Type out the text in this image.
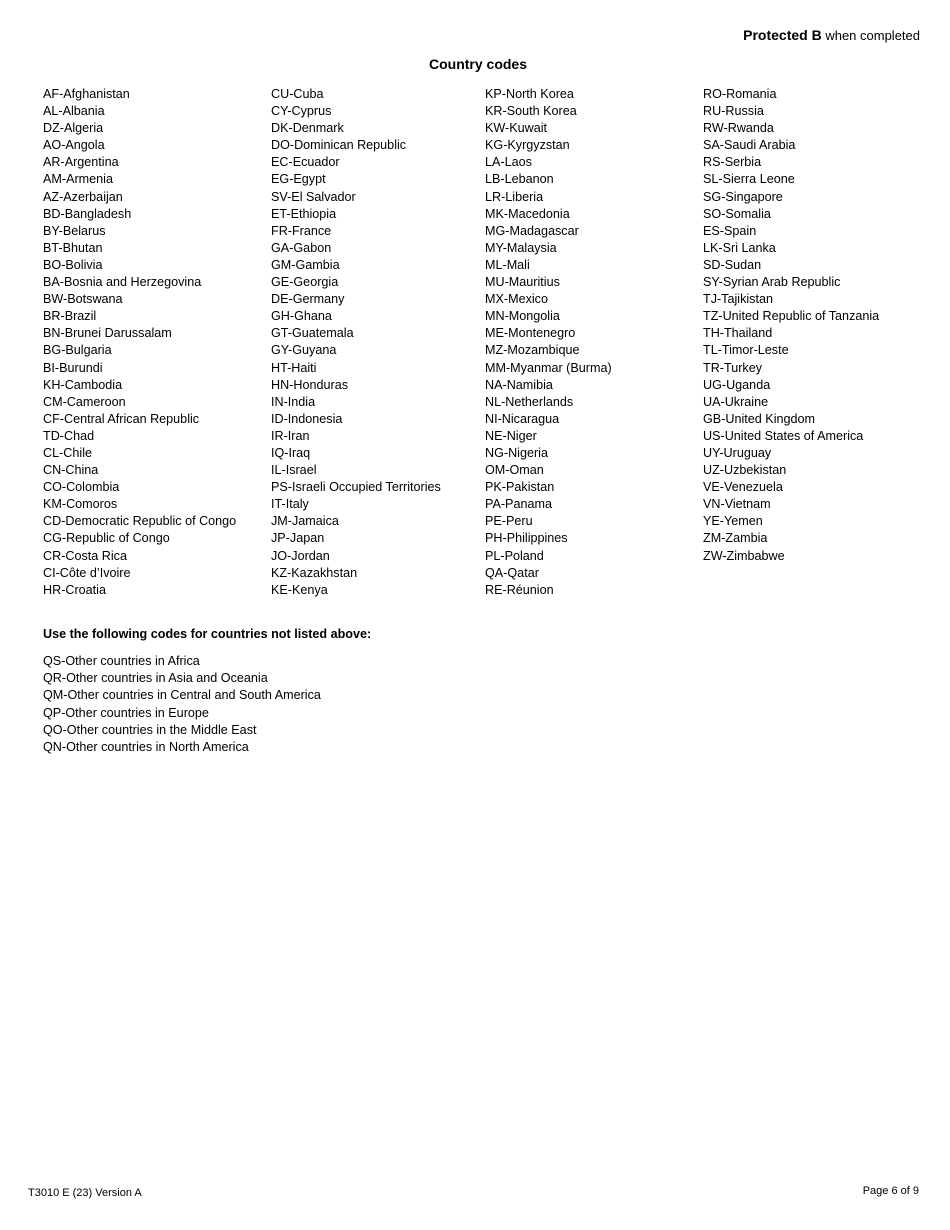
Protected B when completed
Country codes
AF-Afghanistan
AL-Albania
DZ-Algeria
AO-Angola
AR-Argentina
AM-Armenia
AZ-Azerbaijan
BD-Bangladesh
BY-Belarus
BT-Bhutan
BO-Bolivia
BA-Bosnia and Herzegovina
BW-Botswana
BR-Brazil
BN-Brunei Darussalam
BG-Bulgaria
BI-Burundi
KH-Cambodia
CM-Cameroon
CF-Central African Republic
TD-Chad
CL-Chile
CN-China
CO-Colombia
KM-Comoros
CD-Democratic Republic of Congo
CG-Republic of Congo
CR-Costa Rica
CI-Côte d’Ivoire
HR-Croatia
CU-Cuba
CY-Cyprus
DK-Denmark
DO-Dominican Republic
EC-Ecuador
EG-Egypt
SV-El Salvador
ET-Ethiopia
FR-France
GA-Gabon
GM-Gambia
GE-Georgia
DE-Germany
GH-Ghana
GT-Guatemala
GY-Guyana
HT-Haiti
HN-Honduras
IN-India
ID-Indonesia
IR-Iran
IQ-Iraq
IL-Israel
PS-Israeli Occupied Territories
IT-Italy
JM-Jamaica
JP-Japan
JO-Jordan
KZ-Kazakhstan
KE-Kenya
KP-North Korea
KR-South Korea
KW-Kuwait
KG-Kyrgyzstan
LA-Laos
LB-Lebanon
LR-Liberia
MK-Macedonia
MG-Madagascar
MY-Malaysia
ML-Mali
MU-Mauritius
MX-Mexico
MN-Mongolia
ME-Montenegro
MZ-Mozambique
MM-Myanmar (Burma)
NA-Namibia
NL-Netherlands
NI-Nicaragua
NE-Niger
NG-Nigeria
OM-Oman
PK-Pakistan
PA-Panama
PE-Peru
PH-Philippines
PL-Poland
QA-Qatar
RE-Réunion
RO-Romania
RU-Russia
RW-Rwanda
SA-Saudi Arabia
RS-Serbia
SL-Sierra Leone
SG-Singapore
SO-Somalia
ES-Spain
LK-Sri Lanka
SD-Sudan
SY-Syrian Arab Republic
TJ-Tajikistan
TZ-United Republic of Tanzania
TH-Thailand
TL-Timor-Leste
TR-Turkey
UG-Uganda
UA-Ukraine
GB-United Kingdom
US-United States of America
UY-Uruguay
UZ-Uzbekistan
VE-Venezuela
VN-Vietnam
YE-Yemen
ZM-Zambia
ZW-Zimbabwe
Use the following codes for countries not listed above:
QS-Other countries in Africa
QR-Other countries in Asia and Oceania
QM-Other countries in Central and South America
QP-Other countries in Europe
QO-Other countries in the Middle East
QN-Other countries in North America
T3010 E (23) Version A	Page 6 of 9
